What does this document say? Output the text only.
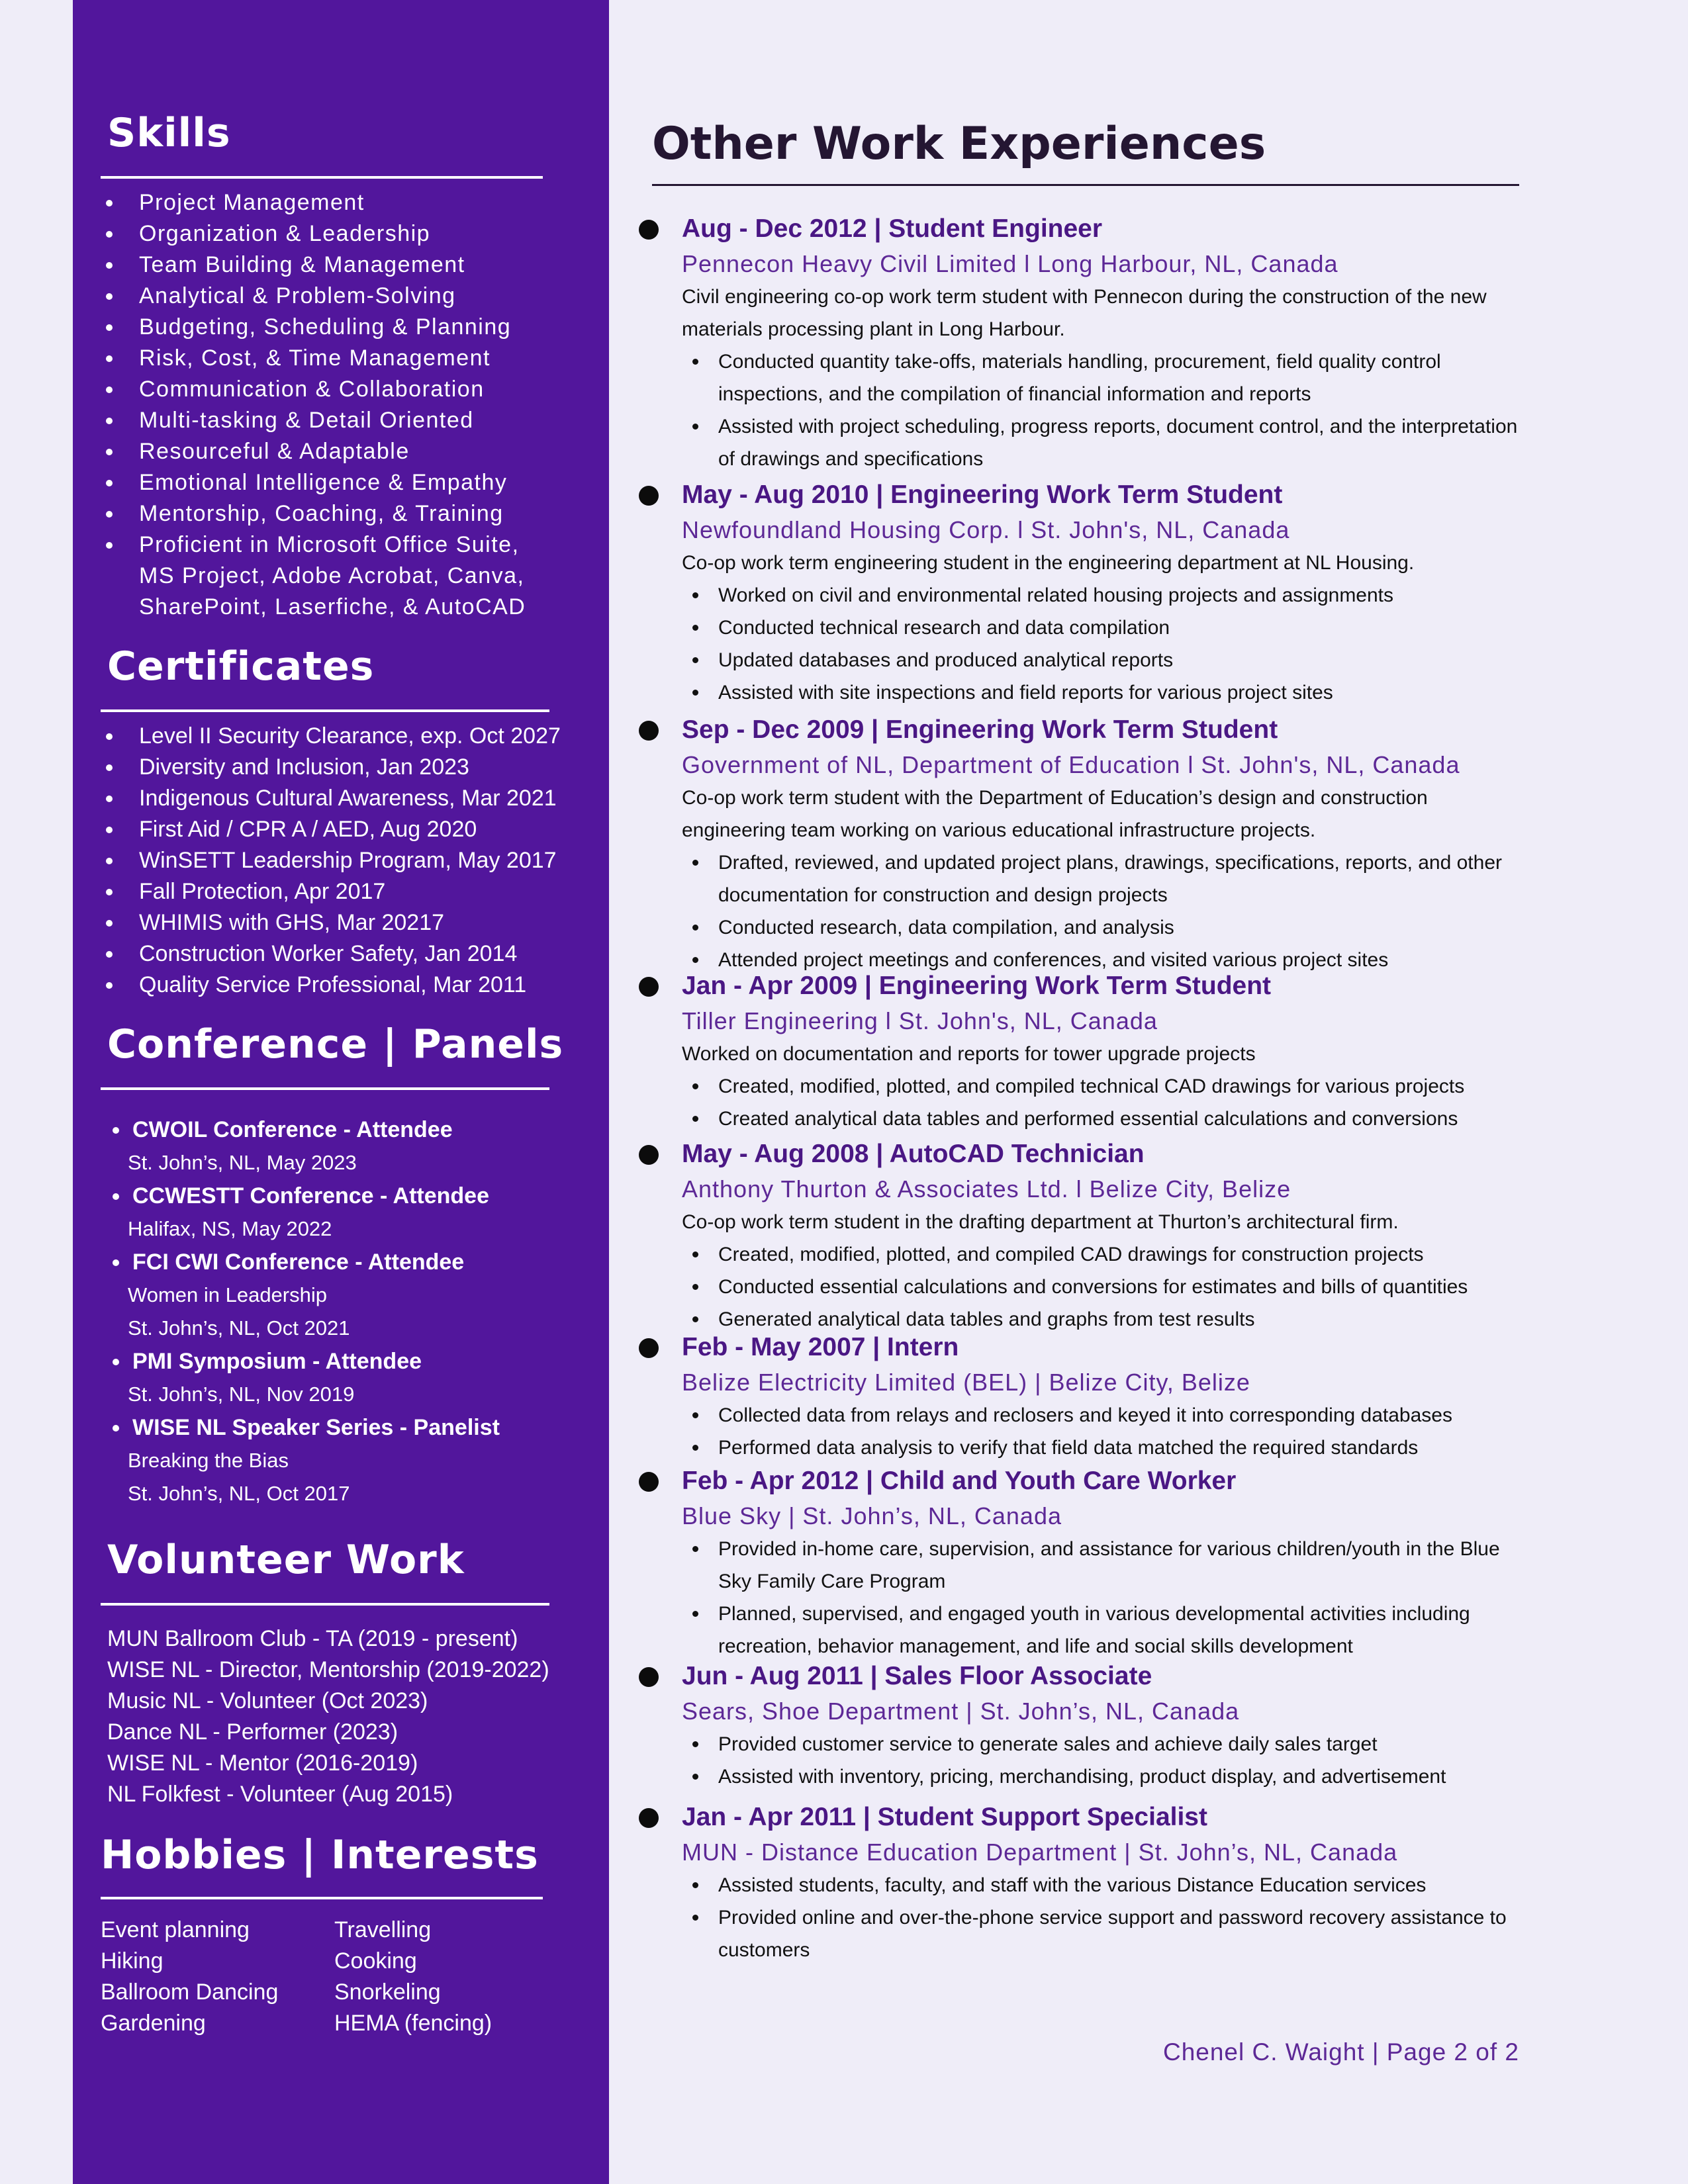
Skills
Project Management
Organization & Leadership
Team Building & Management
Analytical & Problem-Solving
Budgeting, Scheduling & Planning
Risk, Cost, & Time Management
Communication & Collaboration
Multi-tasking & Detail Oriented
Resourceful & Adaptable
Emotional Intelligence & Empathy
Mentorship, Coaching, & Training
Proficient in Microsoft Office Suite,
MS Project, Adobe Acrobat, Canva,
SharePoint, Laserfiche, & AutoCAD
Certificates
Level II Security Clearance, exp. Oct 2027
Diversity and Inclusion, Jan 2023
Indigenous Cultural Awareness, Mar 2021
First Aid / CPR A / AED, Aug 2020
WinSETT Leadership Program, May 2017
Fall Protection, Apr 2017
WHIMIS with GHS, Mar 20217
Construction Worker Safety, Jan 2014
Quality Service Professional, Mar 2011
Conference | Panels
CWOIL Conference - Attendee
St. John’s, NL, May 2023
CCWESTT Conference - Attendee
Halifax, NS, May 2022
FCI CWI Conference - Attendee
Women in Leadership
St. John’s, NL, Oct 2021
PMI Symposium - Attendee
St. John’s, NL, Nov 2019
WISE NL Speaker Series - Panelist
Breaking the Bias
St. John’s, NL, Oct 2017
Volunteer Work
MUN Ballroom Club - TA (2019 - present)
WISE NL - Director, Mentorship (2019-2022)
Music NL - Volunteer (Oct 2023)
Dance NL - Performer (2023)
WISE NL - Mentor (2016-2019)
NL Folkfest - Volunteer (Aug 2015)
Hobbies | Interests
Event planning	Travelling
Hiking	Cooking
Ballroom Dancing	Snorkeling
Gardening	HEMA (fencing)
Other Work Experiences
Aug - Dec 2012 | Student Engineer
Pennecon Heavy Civil Limited l Long Harbour, NL, Canada
Civil engineering co-op work term student with Pennecon during the construction of the new materials processing plant in Long Harbour.
Conducted quantity take-offs, materials handling, procurement, field quality control inspections, and the compilation of financial information and reports
Assisted with project scheduling, progress reports, document control, and the interpretation of drawings and specifications
May - Aug 2010 | Engineering Work Term Student
Newfoundland Housing Corp. l St. John's, NL, Canada
Co-op work term engineering student in the engineering department at NL Housing.
Worked on civil and environmental related housing projects and assignments
Conducted technical research and data compilation
Updated databases and produced analytical reports
Assisted with site inspections and field reports for various project sites
Sep - Dec 2009 | Engineering Work Term Student
Government of NL, Department of Education l St. John's, NL, Canada
Co-op work term student with the Department of Education’s design and construction engineering team working on various educational infrastructure projects.
Drafted, reviewed, and updated project plans, drawings, specifications, reports, and other documentation for construction and design projects
Conducted research, data compilation, and analysis
Attended project meetings and conferences, and visited various project sites
Jan - Apr 2009 | Engineering Work Term Student
Tiller Engineering l St. John's, NL, Canada
Worked on documentation and reports for tower upgrade projects
Created, modified, plotted, and compiled technical CAD drawings for various projects
Created analytical data tables and performed essential calculations and conversions
May - Aug 2008 | AutoCAD Technician
Anthony Thurton & Associates Ltd. l Belize City, Belize
Co-op work term student in the drafting department at Thurton’s architectural firm.
Created, modified, plotted, and compiled CAD drawings for construction projects
Conducted essential calculations and conversions for estimates and bills of quantities
Generated analytical data tables and graphs from test results
Feb - May 2007 | Intern
Belize Electricity Limited (BEL) | Belize City, Belize
Collected data from relays and reclosers and keyed it into corresponding databases
Performed data analysis to verify that field data matched the required standards
Feb - Apr 2012 | Child and Youth Care Worker
Blue Sky | St. John’s, NL, Canada
Provided in-home care, supervision, and assistance for various children/youth in the Blue Sky Family Care Program
Planned, supervised, and engaged youth in various developmental activities including recreation, behavior management, and life and social skills development
Jun - Aug 2011 | Sales Floor Associate
Sears, Shoe Department | St. John’s, NL, Canada
Provided customer service to generate sales and achieve daily sales target
Assisted with inventory, pricing, merchandising, product display, and advertisement
Jan - Apr 2011 | Student Support Specialist
MUN - Distance Education Department | St. John’s, NL, Canada
Assisted students, faculty, and staff with the various Distance Education services
Provided online and over-the-phone service support and password recovery assistance to customers
Chenel C. Waight | Page 2 of 2
